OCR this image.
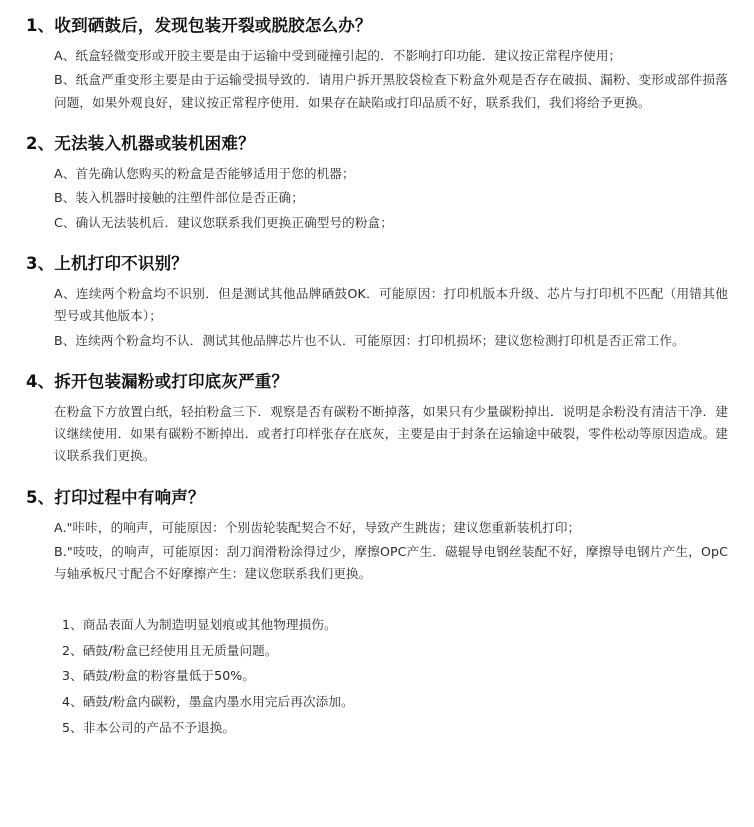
1、收到硒鼓后，发现包装开裂或脱胶怎么办？

A、纸盒轻微变形或开胶主要是由于运输中受到碰撞引起的．不影响打印功能．建议按正常程序使用；

B、纸盒严重变形主要是由于运输受损导致的．请用户拆开黑胶袋检查下粉盒外观是否存在破损、漏粉、变形或部件损落问题，如果外观良好，建议按正常程序使用．如果存在缺陷或打印品质不好，联系我们，我们将给予更换。

2、无法装入机器或装机困难？

A、首先确认您购买的粉盒是否能够适用于您的机器；

B、装入机器时接触的注塑件部位是否正确；

C、确认无法装机后．建议您联系我们更换正确型号的粉盒；

3、上机打印不识别？

A、连续两个粉盒均不识别．但是测试其他品牌硒鼓OK．可能原因：打印机版本升级、芯片与打印机不匹配（用错其他型号或其他版本）；

B、连续两个粉盒均不认．测试其他品牌芯片也不认．可能原因：打印机损坏；建议您检测打印机是否正常工作。

4、拆开包装漏粉或打印底灰严重？

在粉盒下方放置白纸，轻拍粉盒三下．观察是否有碳粉不断掉落，如果只有少量碳粉掉出．说明是余粉没有清洁干净．建议继续使用．如果有碳粉不断掉出．或者打印样张存在底灰，主要是由于封条在运输途中破裂，零件松动等原因造成。建议联系我们更换。

5、打印过程中有响声？

A."咔咔，的响声，可能原因：个别齿轮装配契合不好，导致产生跳齿；建议您重新装机打印；

B."吱吱，的响声，可能原因：刮刀润滑粉涂得过少，摩擦OPC产生．磁辊导电钢丝装配不好，摩擦导电钢片产生，OpC与轴承板尺寸配合不好摩擦产生：建议您联系我们更换。

1、商品表面人为制造明显划痕或其他物理损伤。
2、硒鼓/粉盒已经使用且无质量问题。
3、硒鼓/粉盒的粉容量低于50%。
4、硒鼓/粉盒内碳粉，墨盒内墨水用完后再次添加。
5、非本公司的产品不予退换。
